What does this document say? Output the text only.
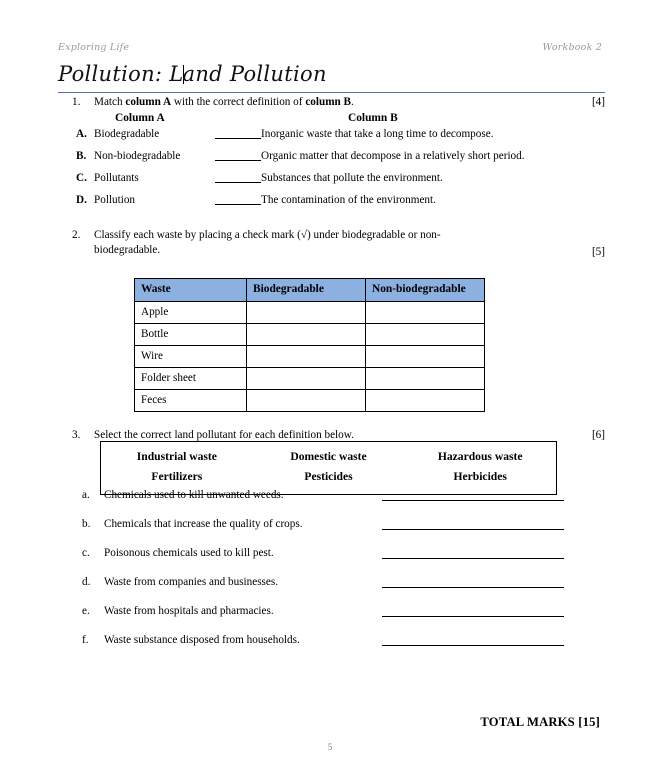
Exploring Life	Workbook 2
Pollution: Land Pollution
1.	Match column A with the correct definition of column B.	[4]
Column A	Column B
A. Biodegradable	Inorganic waste that take a long time to decompose.
B. Non-biodegradable	Organic matter that decompose in a relatively short period.
C. Pollutants	Substances that pollute the environment.
D. Pollution	The contamination of the environment.
2.	Classify each waste by placing a check mark (√) under biodegradable or non-biodegradable.	[5]
Waste	Biodegradable	Non-biodegradable
Apple		
Bottle		
Wire		
Folder sheet		
Feces		
3.	Select the correct land pollutant for each definition below.	[6]
Industrial waste	Domestic waste	Hazardous waste
Fertilizers	Pesticides	Herbicides
a. Chemicals used to kill unwanted weeds.
b. Chemicals that increase the quality of crops.
c. Poisonous chemicals used to kill pest.
d. Waste from companies and businesses.
e. Waste from hospitals and pharmacies.
f. Waste substance disposed from households.
TOTAL MARKS [15]
5
